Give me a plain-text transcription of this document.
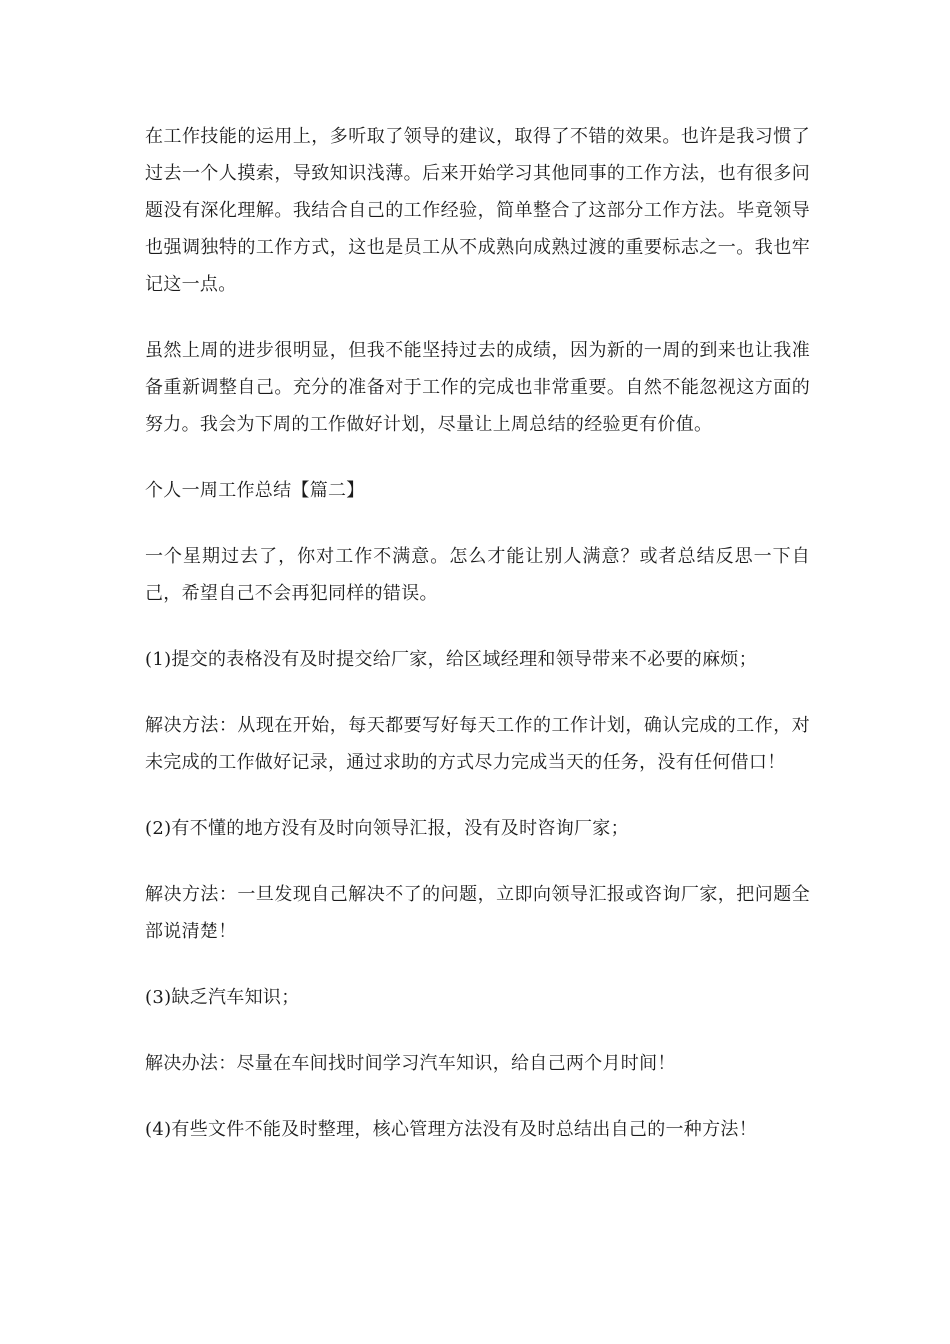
在工作技能的运用上，多听取了领导的建议，取得了不错的效果。也许是我习惯了过去一个人摸索，导致知识浅薄。后来开始学习其他同事的工作方法，也有很多问题没有深化理解。我结合自己的工作经验，简单整合了这部分工作方法。毕竟领导也强调独特的工作方式，这也是员工从不成熟向成熟过渡的重要标志之一。我也牢记这一点。

虽然上周的进步很明显，但我不能坚持过去的成绩，因为新的一周的到来也让我准备重新调整自己。充分的准备对于工作的完成也非常重要。自然不能忽视这方面的努力。我会为下周的工作做好计划，尽量让上周总结的经验更有价值。

个人一周工作总结【篇二】

一个星期过去了，你对工作不满意。怎么才能让别人满意？或者总结反思一下自己，希望自己不会再犯同样的错误。

(1)提交的表格没有及时提交给厂家，给区域经理和领导带来不必要的麻烦；

解决方法：从现在开始，每天都要写好每天工作的工作计划，确认完成的工作，对未完成的工作做好记录，通过求助的方式尽力完成当天的任务，没有任何借口！

(2)有不懂的地方没有及时向领导汇报，没有及时咨询厂家；

解决方法：一旦发现自己解决不了的问题，立即向领导汇报或咨询厂家，把问题全部说清楚！

(3)缺乏汽车知识；

解决办法：尽量在车间找时间学习汽车知识，给自己两个月时间！

(4)有些文件不能及时整理，核心管理方法没有及时总结出自己的一种方法！
